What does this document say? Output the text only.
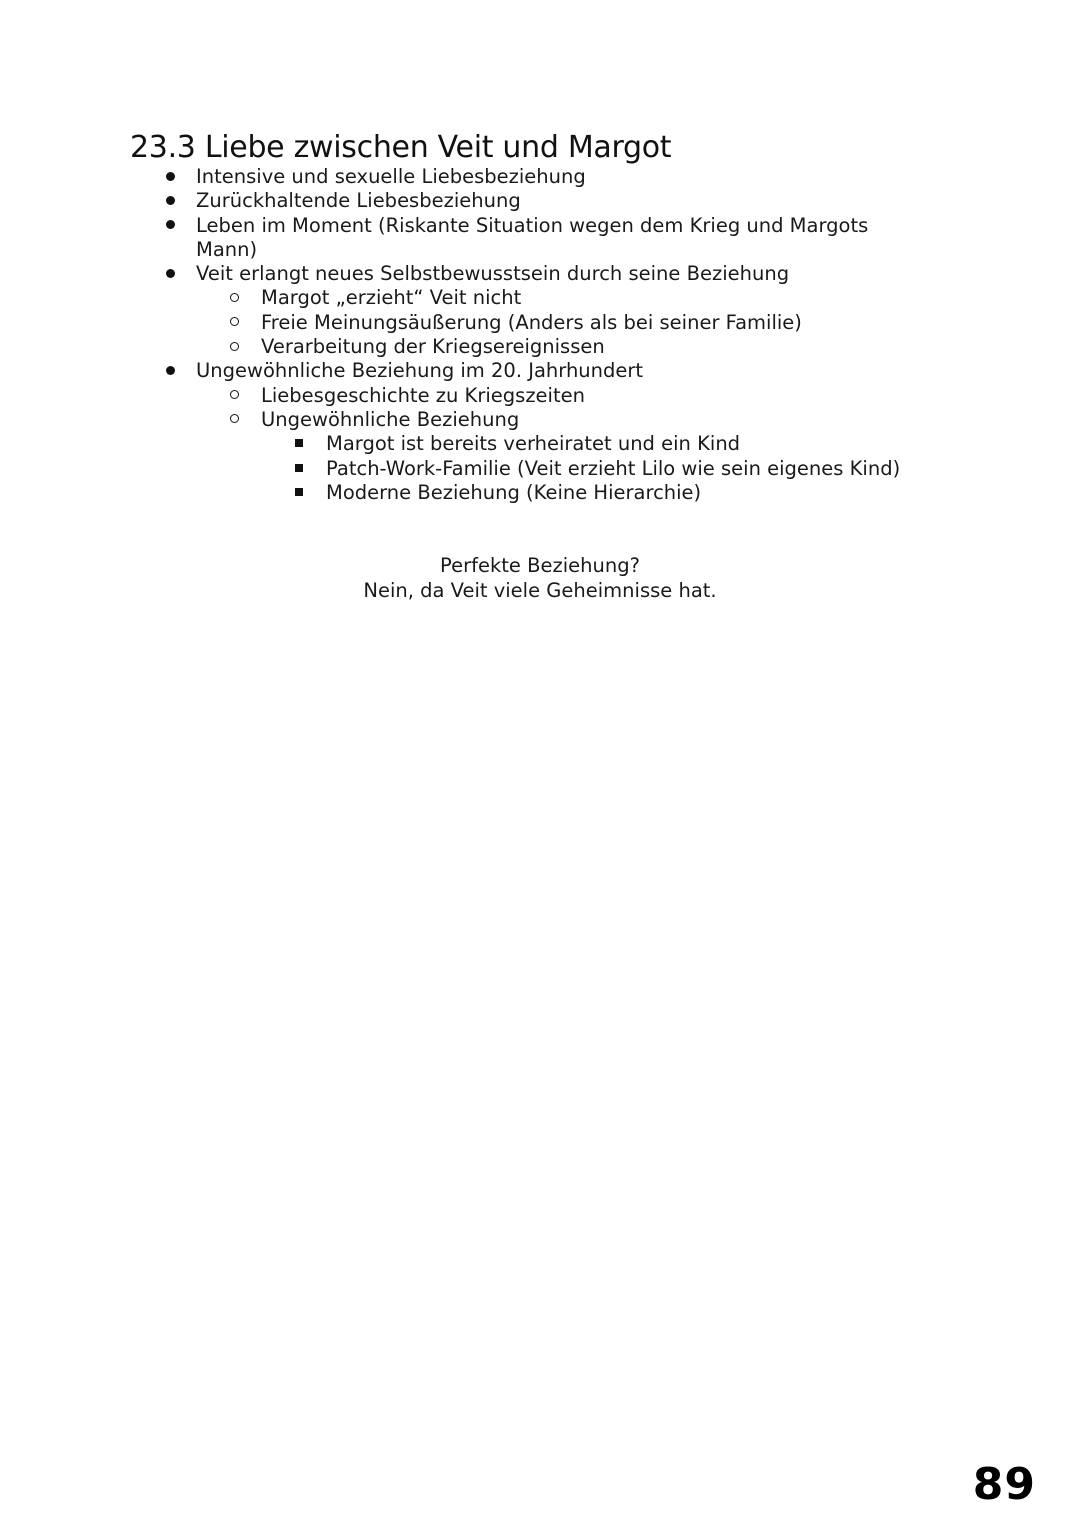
23.3 Liebe zwischen Veit und Margot
Intensive und sexuelle Liebesbeziehung
Zurückhaltende Liebesbeziehung
Leben im Moment (Riskante Situation wegen dem Krieg und Margots Mann)
Veit erlangt neues Selbstbewusstsein durch seine Beziehung
Margot „erzieht“ Veit nicht
Freie Meinungsäußerung (Anders als bei seiner Familie)
Verarbeitung der Kriegsereignissen
Ungewöhnliche Beziehung im 20. Jahrhundert
Liebesgeschichte zu Kriegszeiten
Ungewöhnliche Beziehung
Margot ist bereits verheiratet und ein Kind
Patch-Work-Familie (Veit erzieht Lilo wie sein eigenes Kind)
Moderne Beziehung (Keine Hierarchie)
Perfekte Beziehung?
Nein, da Veit viele Geheimnisse hat.
89
